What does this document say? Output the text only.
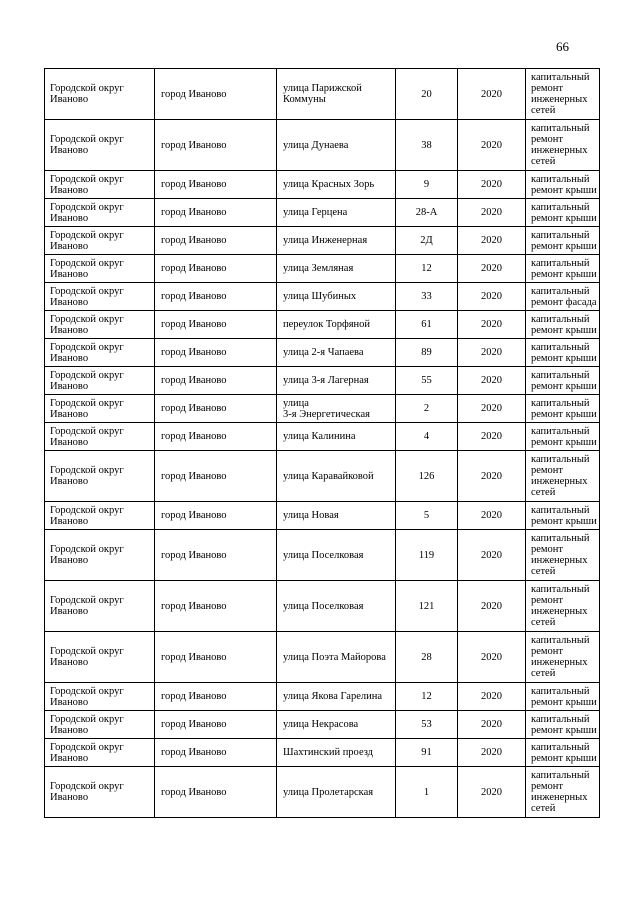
66
Городской округ
Иваново	город Иваново	улица Парижской
Коммуны	20	2020	капитальный
ремонт
инженерных
сетей

Городской округ
Иваново	город Иваново	улица Дунаева	38	2020	капитальный
ремонт
инженерных
сетей

Городской округ
Иваново	город Иваново	улица Красных Зорь	9	2020	капитальный
ремонт крыши

Городской округ
Иваново	город Иваново	улица Герцена	28-А	2020	капитальный
ремонт крыши

Городской округ
Иваново	город Иваново	улица Инженерная	2Д	2020	капитальный
ремонт крыши

Городской округ
Иваново	город Иваново	улица Земляная	12	2020	капитальный
ремонт крыши

Городской округ
Иваново	город Иваново	улица Шубиных	33	2020	капитальный
ремонт фасада

Городской округ
Иваново	город Иваново	переулок Торфяной	61	2020	капитальный
ремонт крыши

Городской округ
Иваново	город Иваново	улица 2-я Чапаева	89	2020	капитальный
ремонт крыши

Городской округ
Иваново	город Иваново	улица 3-я Лагерная	55	2020	капитальный
ремонт крыши

Городской округ
Иваново	город Иваново	улица
3-я Энергетическая	2	2020	капитальный
ремонт крыши

Городской округ
Иваново	город Иваново	улица Калинина	4	2020	капитальный
ремонт крыши

Городской округ
Иваново	город Иваново	улица Каравайковой	126	2020	капитальный
ремонт
инженерных
сетей

Городской округ
Иваново	город Иваново	улица Новая	5	2020	капитальный
ремонт крыши

Городской округ
Иваново	город Иваново	улица Поселковая	119	2020	капитальный
ремонт
инженерных
сетей

Городской округ
Иваново	город Иваново	улица Поселковая	121	2020	капитальный
ремонт
инженерных
сетей

Городской округ
Иваново	город Иваново	улица Поэта Майорова	28	2020	капитальный
ремонт
инженерных
сетей

Городской округ
Иваново	город Иваново	улица Якова Гарелина	12	2020	капитальный
ремонт крыши

Городской округ
Иваново	город Иваново	улица Некрасова	53	2020	капитальный
ремонт крыши

Городской округ
Иваново	город Иваново	Шахтинский проезд	91	2020	капитальный
ремонт крыши

Городской округ
Иваново	город Иваново	улица Пролетарская	1	2020	капитальный
ремонт
инженерных
сетей
